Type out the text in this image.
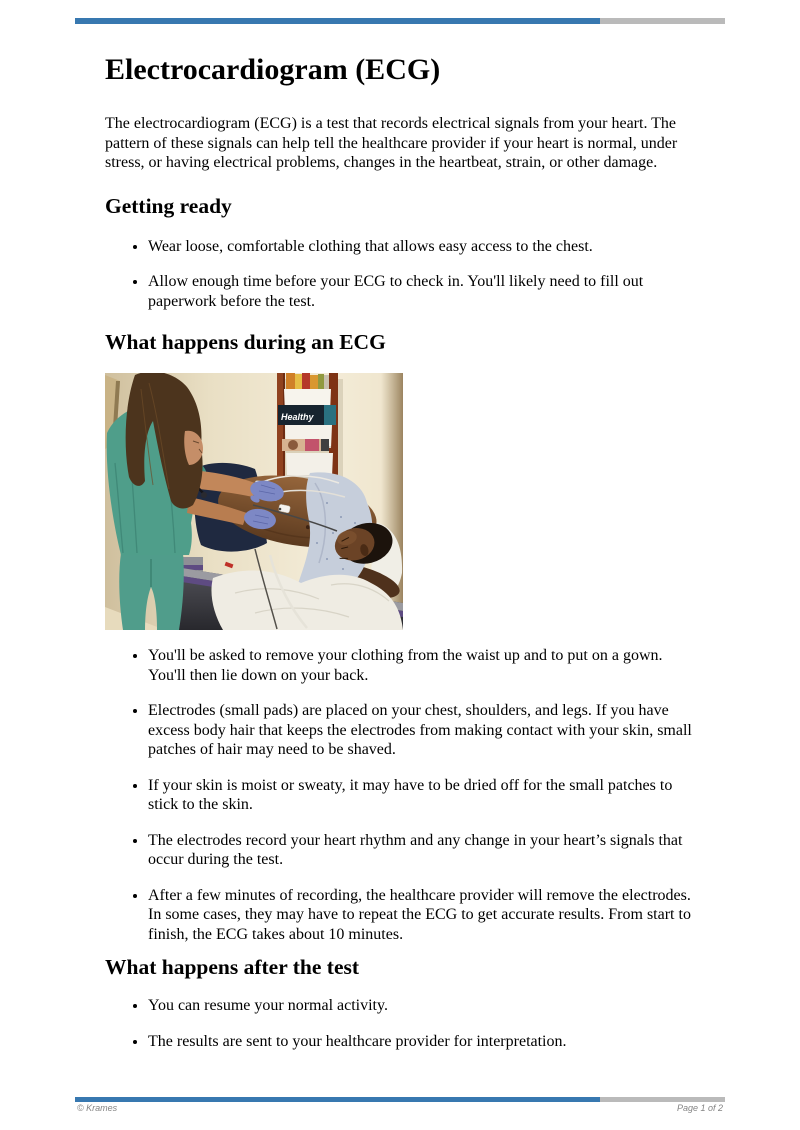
Electrocardiogram (ECG)

The electrocardiogram (ECG) is a test that records electrical signals from your heart. The pattern of these signals can help tell the healthcare provider if your heart is normal, under stress, or having electrical problems, changes in the heartbeat, strain, or other damage.

Getting ready
• Wear loose, comfortable clothing that allows easy access to the chest.
• Allow enough time before your ECG to check in. You'll likely need to fill out paperwork before the test.
What happens during an ECG
Healthy
• You'll be asked to remove your clothing from the waist up and to put on a gown. You'll then lie down on your back.
• Electrodes (small pads) are placed on your chest, shoulders, and legs. If you have excess body hair that keeps the electrodes from making contact with your skin, small patches of hair may need to be shaved.
• If your skin is moist or sweaty, it may have to be dried off for the small patches to stick to the skin.
• The electrodes record your heart rhythm and any change in your heart’s signals that occur during the test.
• After a few minutes of recording, the healthcare provider will remove the electrodes. In some cases, they may have to repeat the ECG to get accurate results. From start to finish, the ECG takes about 10 minutes.
What happens after the test
• You can resume your normal activity.
• The results are sent to your healthcare provider for interpretation.
© Krames	Page 1 of 2
